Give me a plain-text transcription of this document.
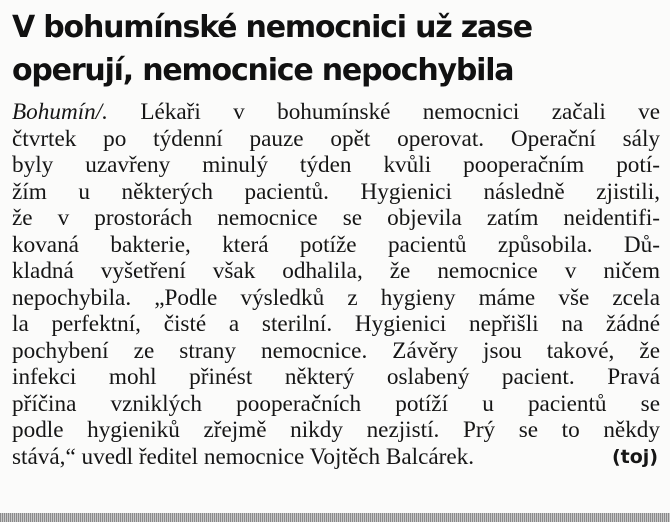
V bohumínské nemocnici už zase
operují, nemocnice nepochybila
Bohumín/. Lékaři v bohumínské nemocnici začali ve
čtvrtek po týdenní pauze opět operovat. Operační sály
byly uzavřeny minulý týden kvůli pooperačním potí-
žím u některých pacientů. Hygienici následně zjistili,
že v prostorách nemocnice se objevila zatím neidentifi-
kovaná bakterie, která potíže pacientů způsobila. Dů-
kladná vyšetření však odhalila, že nemocnice v ničem
nepochybila. „Podle výsledků z hygieny máme vše zcela
la perfektní, čisté a sterilní. Hygienici nepřišli na žádné
pochybení ze strany nemocnice. Závěry jsou takové, že
infekci mohl přinést některý oslabený pacient. Pravá
příčina vzniklých pooperačních potíží u pacientů se
podle hygieniků zřejmě nikdy nezjistí. Prý se to někdy
stává,“ uvedl ředitel nemocnice Vojtěch Balcárek.	(toj)
